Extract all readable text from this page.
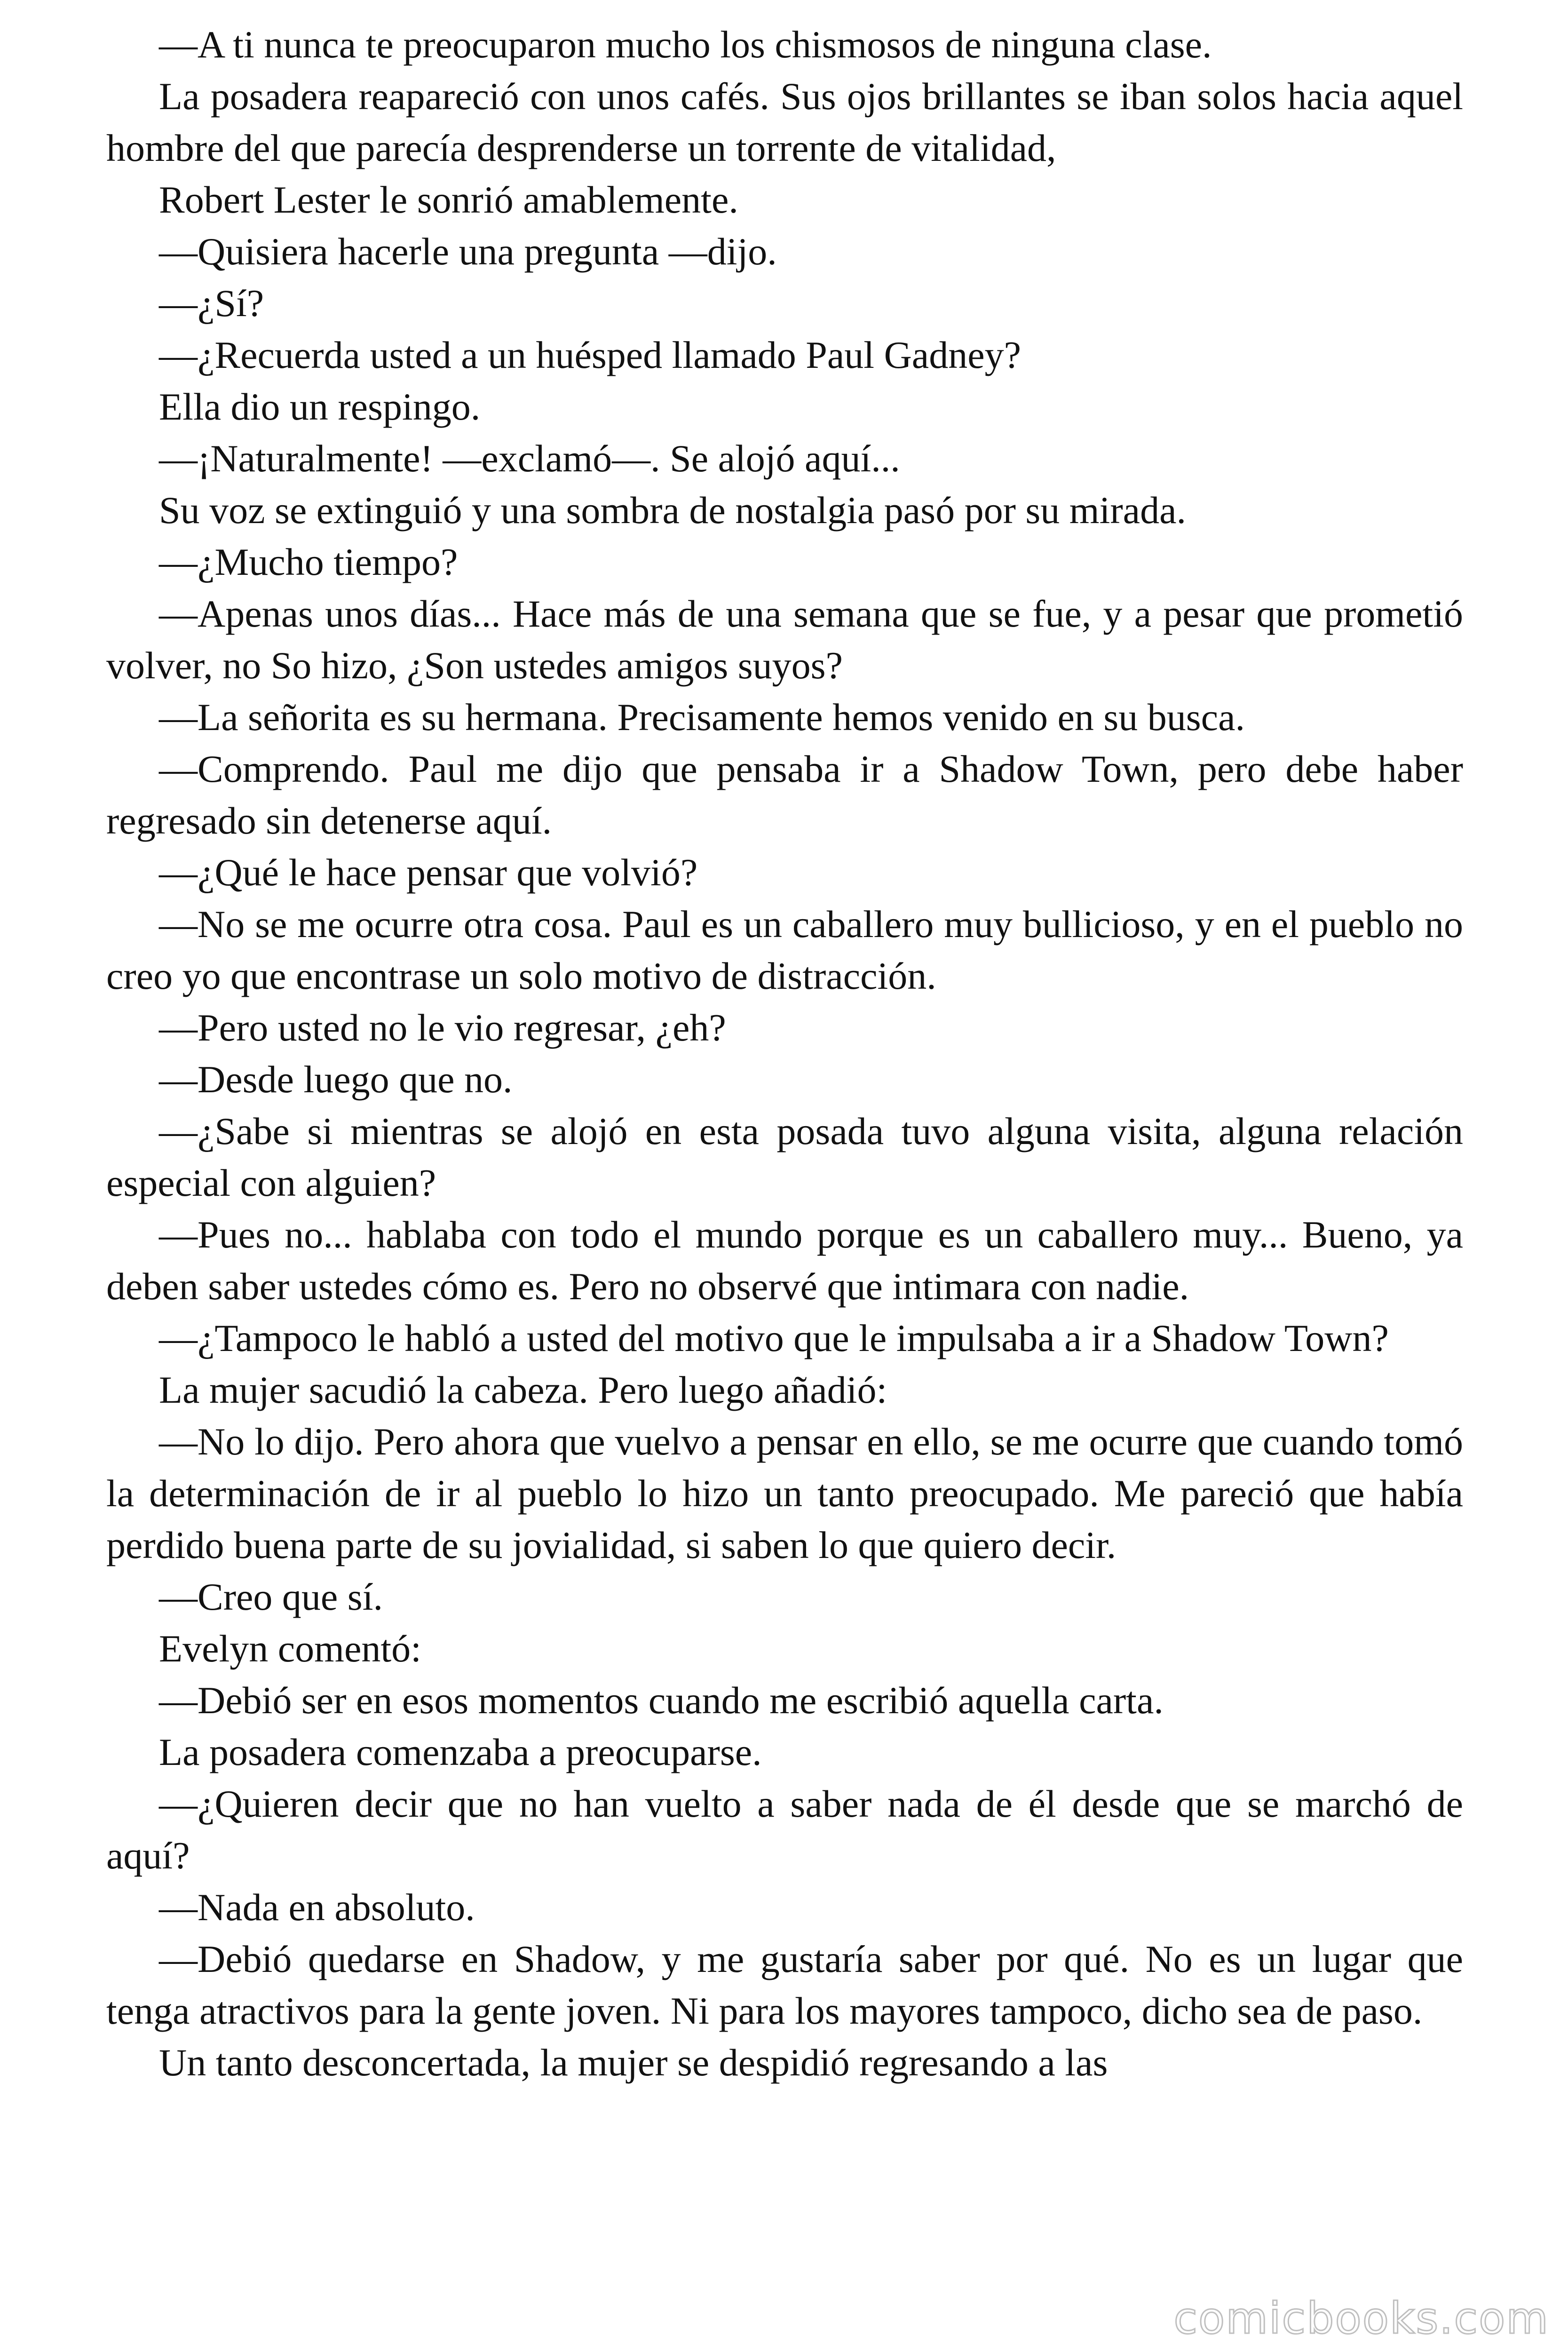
—A ti nunca te preocuparon mucho los chismosos de ninguna clase.

La posadera reapareció con unos cafés. Sus ojos brillantes se iban solos hacia aquel hombre del que parecía desprenderse un torrente de vitalidad,

Robert Lester le sonrió amablemente.

—Quisiera hacerle una pregunta —dijo.

—¿Sí?

—¿Recuerda usted a un huésped llamado Paul Gadney?

Ella dio un respingo.

—¡Naturalmente! —exclamó—. Se alojó aquí...

Su voz se extinguió y una sombra de nostalgia pasó por su mirada.

—¿Mucho tiempo?

—Apenas unos días... Hace más de una semana que se fue, y a pesar que prometió volver, no So hizo, ¿Son ustedes amigos suyos?

—La señorita es su hermana. Precisamente hemos venido en su busca.

—Comprendo. Paul me dijo que pensaba ir a Shadow Town, pero debe haber regresado sin detenerse aquí.

—¿Qué le hace pensar que volvió?

—No se me ocurre otra cosa. Paul es un caballero muy bullicioso, y en el pueblo no creo yo que encontrase un solo motivo de distracción.

—Pero usted no le vio regresar, ¿eh?

—Desde luego que no.

—¿Sabe si mientras se alojó en esta posada tuvo alguna visita, alguna relación especial con alguien?

—Pues no... hablaba con todo el mundo porque es un caballero muy... Bueno, ya deben saber ustedes cómo es. Pero no observé que intimara con nadie.

—¿Tampoco le habló a usted del motivo que le impulsaba a ir a Shadow Town?

La mujer sacudió la cabeza. Pero luego añadió:

—No lo dijo. Pero ahora que vuelvo a pensar en ello, se me ocurre que cuando tomó la determinación de ir al pueblo lo hizo un tanto preocupado. Me pareció que había perdido buena parte de su jovialidad, si saben lo que quiero decir.

—Creo que sí.

Evelyn comentó:

—Debió ser en esos momentos cuando me escribió aquella carta.

La posadera comenzaba a preocuparse.

—¿Quieren decir que no han vuelto a saber nada de él desde que se marchó de aquí?

—Nada en absoluto.

—Debió quedarse en Shadow, y me gustaría saber por qué. No es un lugar que tenga atractivos para la gente joven. Ni para los mayores tampoco, dicho sea de paso.

Un tanto desconcertada, la mujer se despidió regresando a las

comicbooks.com
